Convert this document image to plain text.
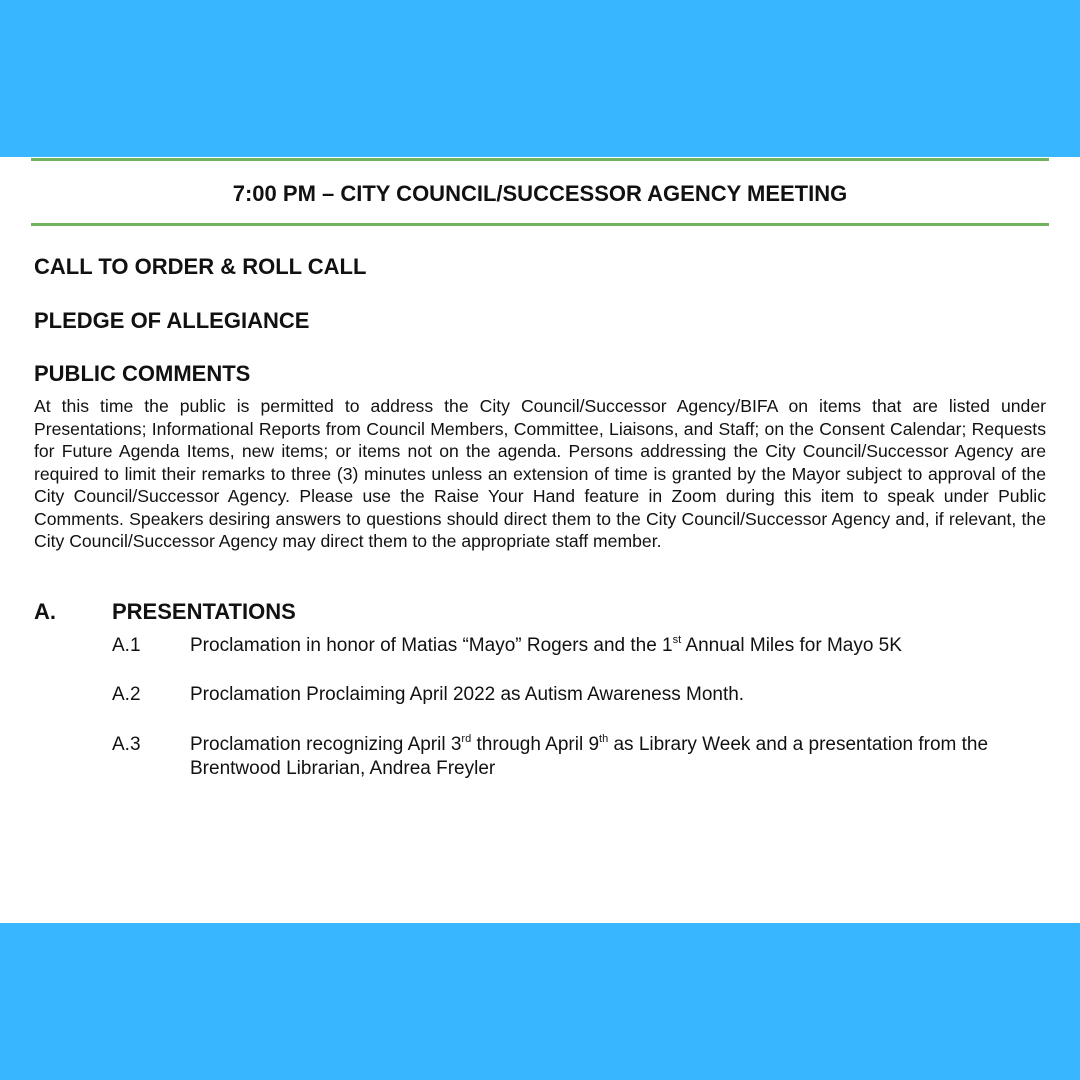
7:00 PM – CITY COUNCIL/SUCCESSOR AGENCY MEETING
CALL TO ORDER & ROLL CALL
PLEDGE OF ALLEGIANCE
PUBLIC COMMENTS

At this time the public is permitted to address the City Council/Successor Agency/BIFA on items that are listed under Presentations; Informational Reports from Council Members, Committee, Liaisons, and Staff; on the Consent Calendar; Requests for Future Agenda Items, new items; or items not on the agenda. Persons addressing the City Council/Successor Agency are required to limit their remarks to three (3) minutes unless an extension of time is granted by the Mayor subject to approval of the City Council/Successor Agency. Please use the Raise Your Hand feature in Zoom during this item to speak under Public Comments. Speakers desiring answers to questions should direct them to the City Council/Successor Agency and, if relevant, the City Council/Successor Agency may direct them to the appropriate staff member.

A.	PRESENTATIONS
A.1	Proclamation in honor of Matias “Mayo” Rogers and the 1st Annual Miles for Mayo 5K
A.2	Proclamation Proclaiming April 2022 as Autism Awareness Month.
A.3	Proclamation recognizing April 3rd through April 9th as Library Week and a presentation from the Brentwood Librarian, Andrea Freyler
